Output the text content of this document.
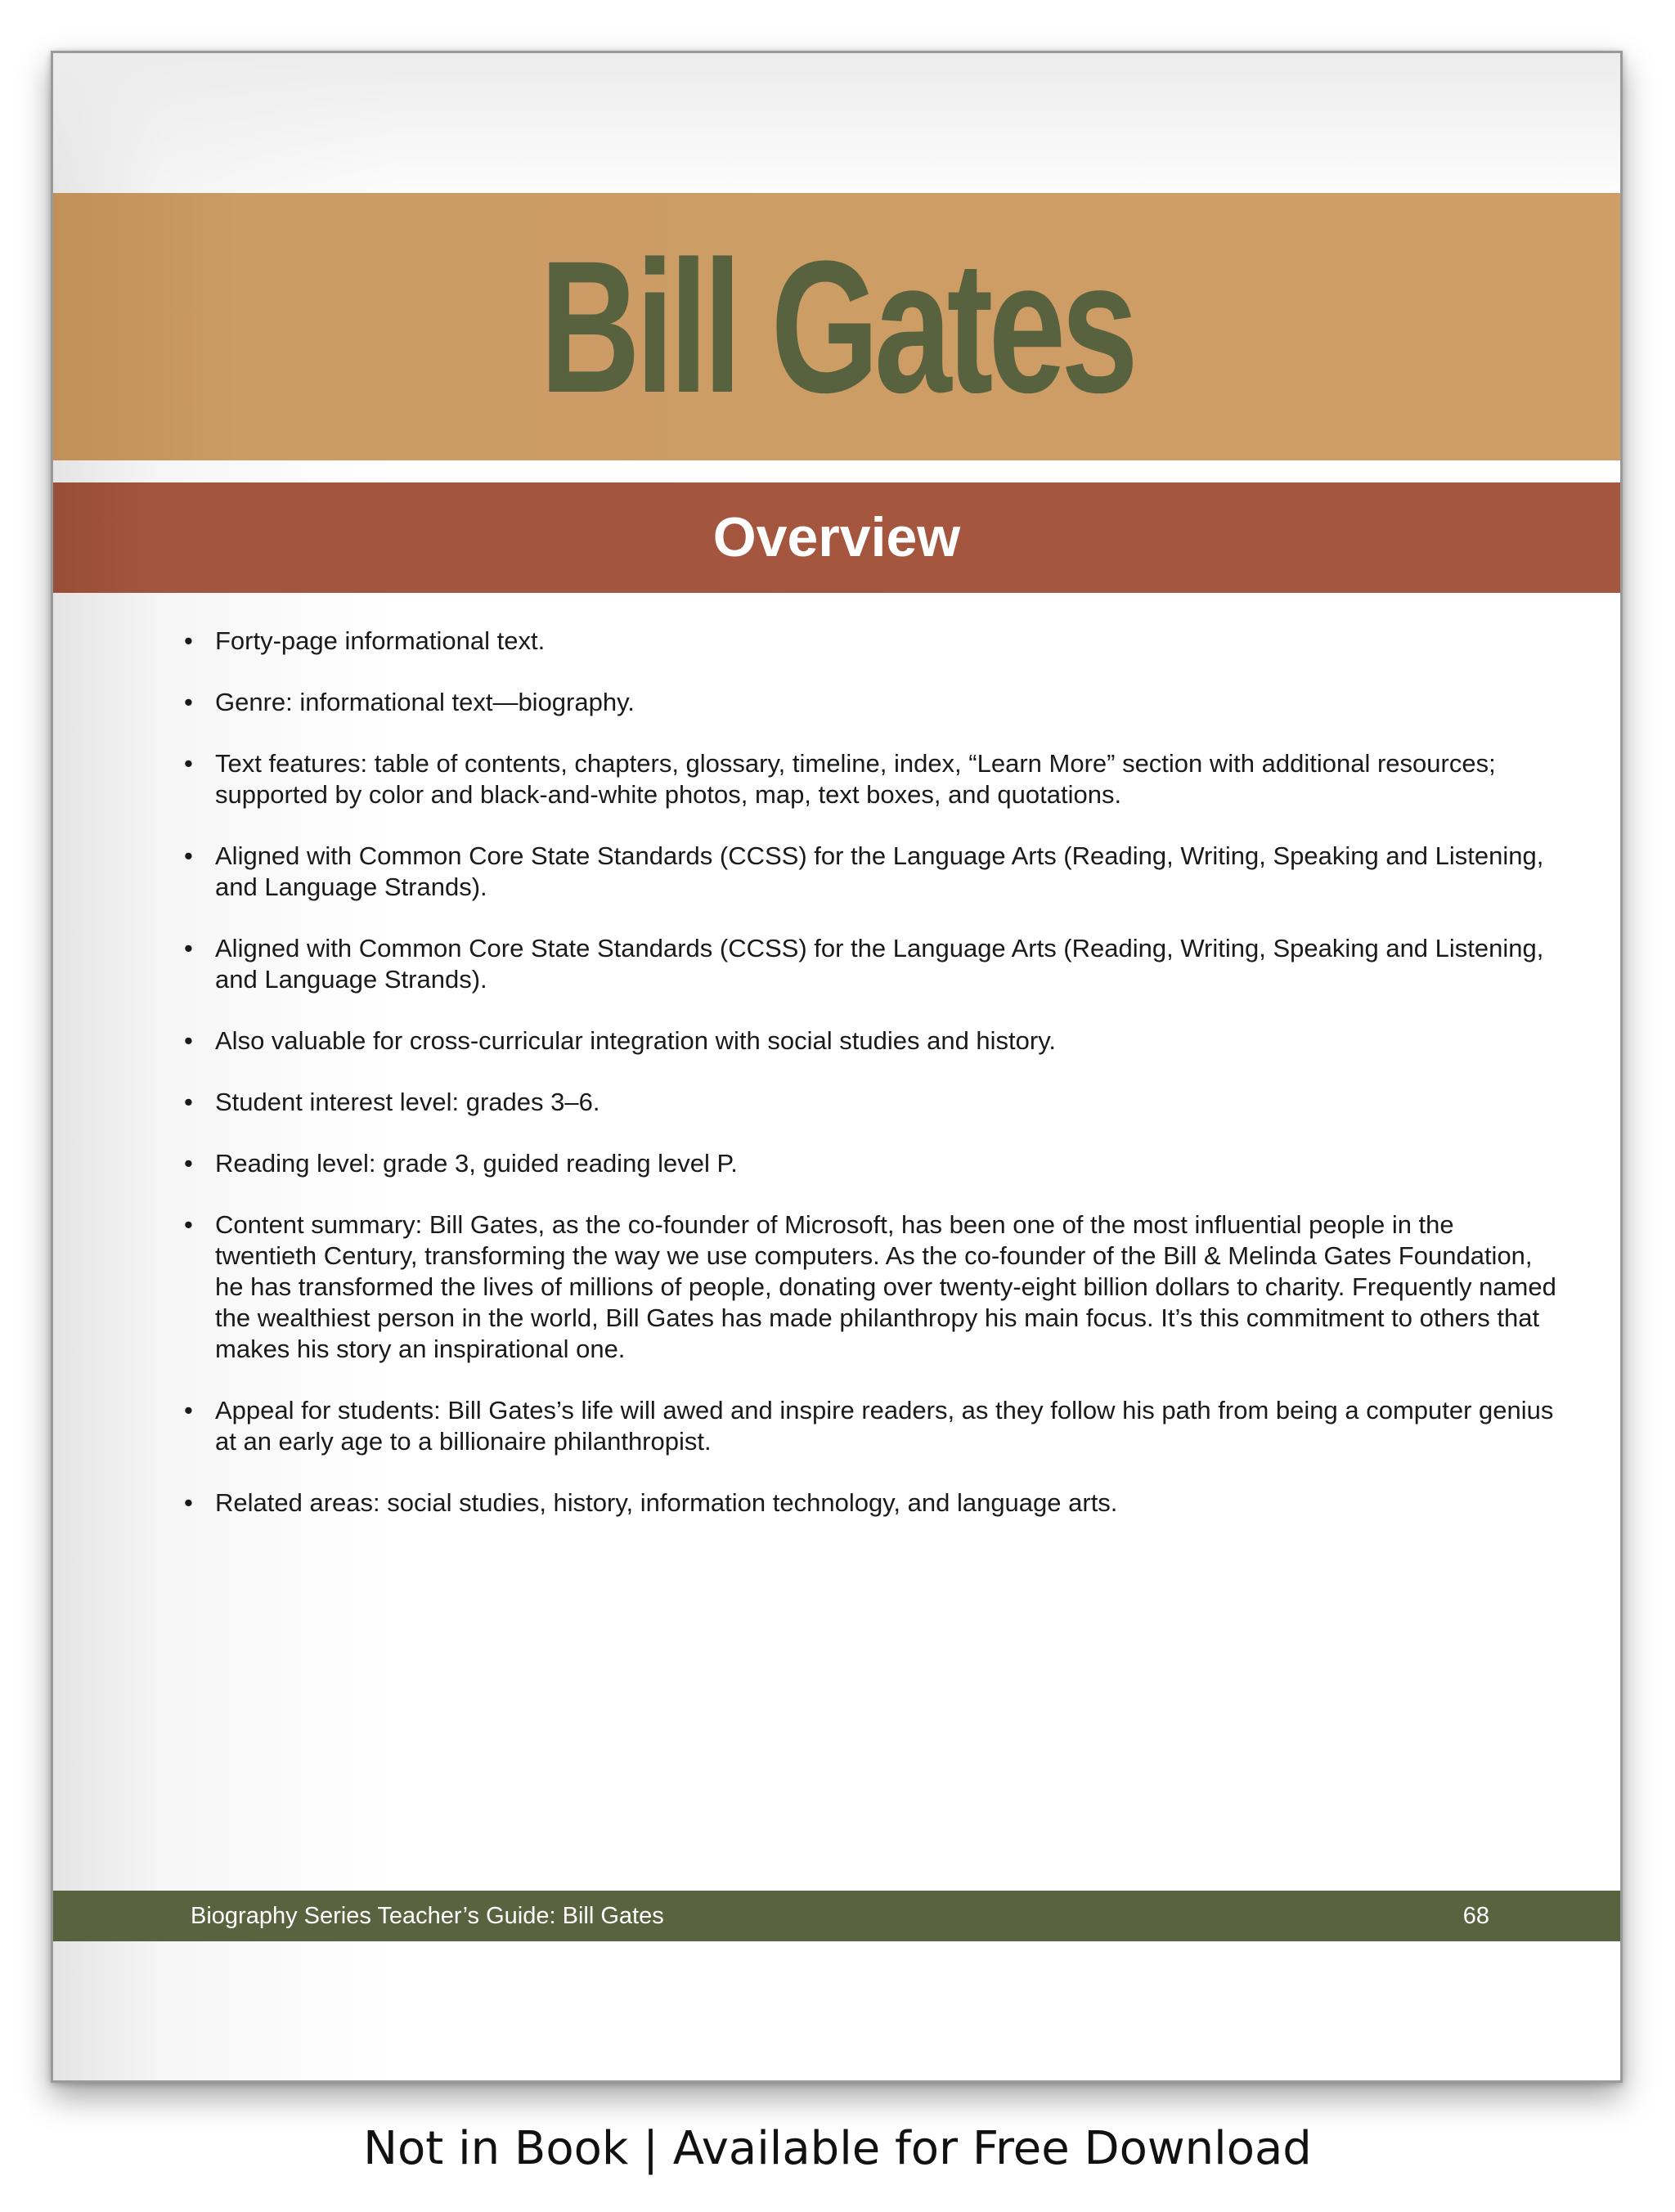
Bill Gates
Overview
• Forty-page informational text.
• Genre: informational text—biography.
• Text features: table of contents, chapters, glossary, timeline, index, “Learn More” section with additional resources; supported by color and black-and-white photos, map, text boxes, and quotations.
• Aligned with Common Core State Standards (CCSS) for the Language Arts (Reading, Writing, Speaking and Listening, and Language Strands).
• Aligned with Common Core State Standards (CCSS) for the Language Arts (Reading, Writing, Speaking and Listening, and Language Strands).
• Also valuable for cross-curricular integration with social studies and history.
• Student interest level: grades 3–6.
• Reading level: grade 3, guided reading level P.
• Content summary: Bill Gates, as the co-founder of Microsoft, has been one of the most influential people in the twentieth Century, transforming the way we use computers. As the co-founder of the Bill & Melinda Gates Foundation, he has transformed the lives of millions of people, donating over twenty-eight billion dollars to charity. Frequently named the wealthiest person in the world, Bill Gates has made philanthropy his main focus. It’s this commitment to others that makes his story an inspirational one.
• Appeal for students: Bill Gates’s life will awed and inspire readers, as they follow his path from being a computer genius at an early age to a billionaire philanthropist.
• Related areas: social studies, history, information technology, and language arts.
Biography Series Teacher’s Guide: Bill Gates	68
Not in Book | Available for Free Download
